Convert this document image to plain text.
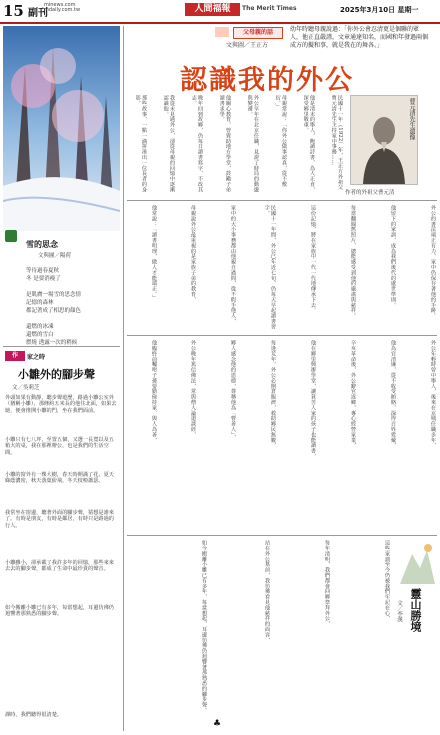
15 副刊
minews.com
mdaily.com.tw	人間福報	The Merit Times	2025年3月10日 星期一
雪的思念
文與圖／陽荷
等待過春夏秋
冬 是要消瘦了
是肌膚一場雪的思念情
記憶的森林
都記著成了相思的顏色
還燃的冰凍
還燃的雪白
燃燒 透露一次的稍候
作	家之時
小雛外的腳步聲
文／吳莉芝
外頭如果有動靜，聽步聲遊歷，路過小雛公室外（猶稱小雛），那條約五米長的他住北面，如果去她，便會推開小雛的門，坐在我們面前。
小雛只有七八坪，至置五個，又選一長寬以及五箱大的桌，我在那裡辦公，也是我們的生活空間。
小雛的窗外有一棵大樹，春天時開滿了花，夏天綠蔭濃密，秋天落葉紛飛，冬天枝椏蕭瑟。
我常坐在窗邊，聽著外面的腳步聲，猜想是誰來了。有時是朋友，有時是鄰居，有時只是路過的行人。
小雛雖小，卻承載了我許多年的回憶，那些來來去去的腳步聲，都成了生命中最珍貴的聲音。
如今搬離小雛已有多年，每當想起，耳邊彷彿仍迴響著那熟悉的腳步聲。
謹時，我們聽得很清楚。
父母親的話
文與圖／王正方
幼年時聽母親說過：「你外公會忍清更是個聯的眾人，他正直嚴謹，文章通達知名，而國和年發過兩個成方的擬和事，就是我在的舞各。」
認識我的外公
曹元清先生遺像
作者的外祖父曹元清
民國十一年（1922）年，王正方外祖父曹元清先生主持家中事務……
他是清末的舉人，飽讀詩書，為人正直，深受鄉里敬重。
母親常說：「你外公做事認真，從不敷衍。」
外公早年在北京任職，見證了時局的動盪與變遷。
他關心教育，曾資助地方學堂，鼓勵子弟讀書求學。
晚年回到故鄉，仍每日讀書寫字，不改其志。
我從未見過外公，卻從母親的回憶中逐漸認識他。
那些故事，一點一滴拼湊出一位長者的身影。
外公的書法端正有力，家中仍保存著他的手跡。
他留下的家訓，成為我們後代的處世準則。
每當翻閱舊照片，總能感受到他的嚴肅與慈祥。
這份記憶，將在家族中一代一代地傳承下去。
民國十一年間，外公已年近七旬，仍每天早起讀書習字，
家中的大小事務都由他親自過問，從不假手他人，
母親說外公最重視的是家族子弟的教育，
他常說：「讀書明理，做人才能端正。」
外公年輕時曾中舉人，後來在京城任職多年，
他為官清廉，從不收受賄賂，深得百姓愛戴，
辛亥革命後，外公辭官返鄉，專心經營家業，
他在鄉里興辦學堂，讓貧苦人家的孩子也能讀書，
每逢荒年，外公必開倉賑濟，救助鄉民無數，
鄉人感念他的恩德，尊稱他為「曹善人」，
外公晚年篤信佛法，常與僧人論道談經，
他臨終前囑咐子孫要勤儉持家、與人為善，
靈山勝境
文／李漢
這些家訓至今仍被我們牢記在心，
每年清明，我們都會回鄉祭拜外公，
站在外公墓前，我彷彿看見他慈祥的面容，
如今搬離小雛已有多年，每當想起，耳邊彷彿仍迴響著那熟悉的腳步聲。
♣
